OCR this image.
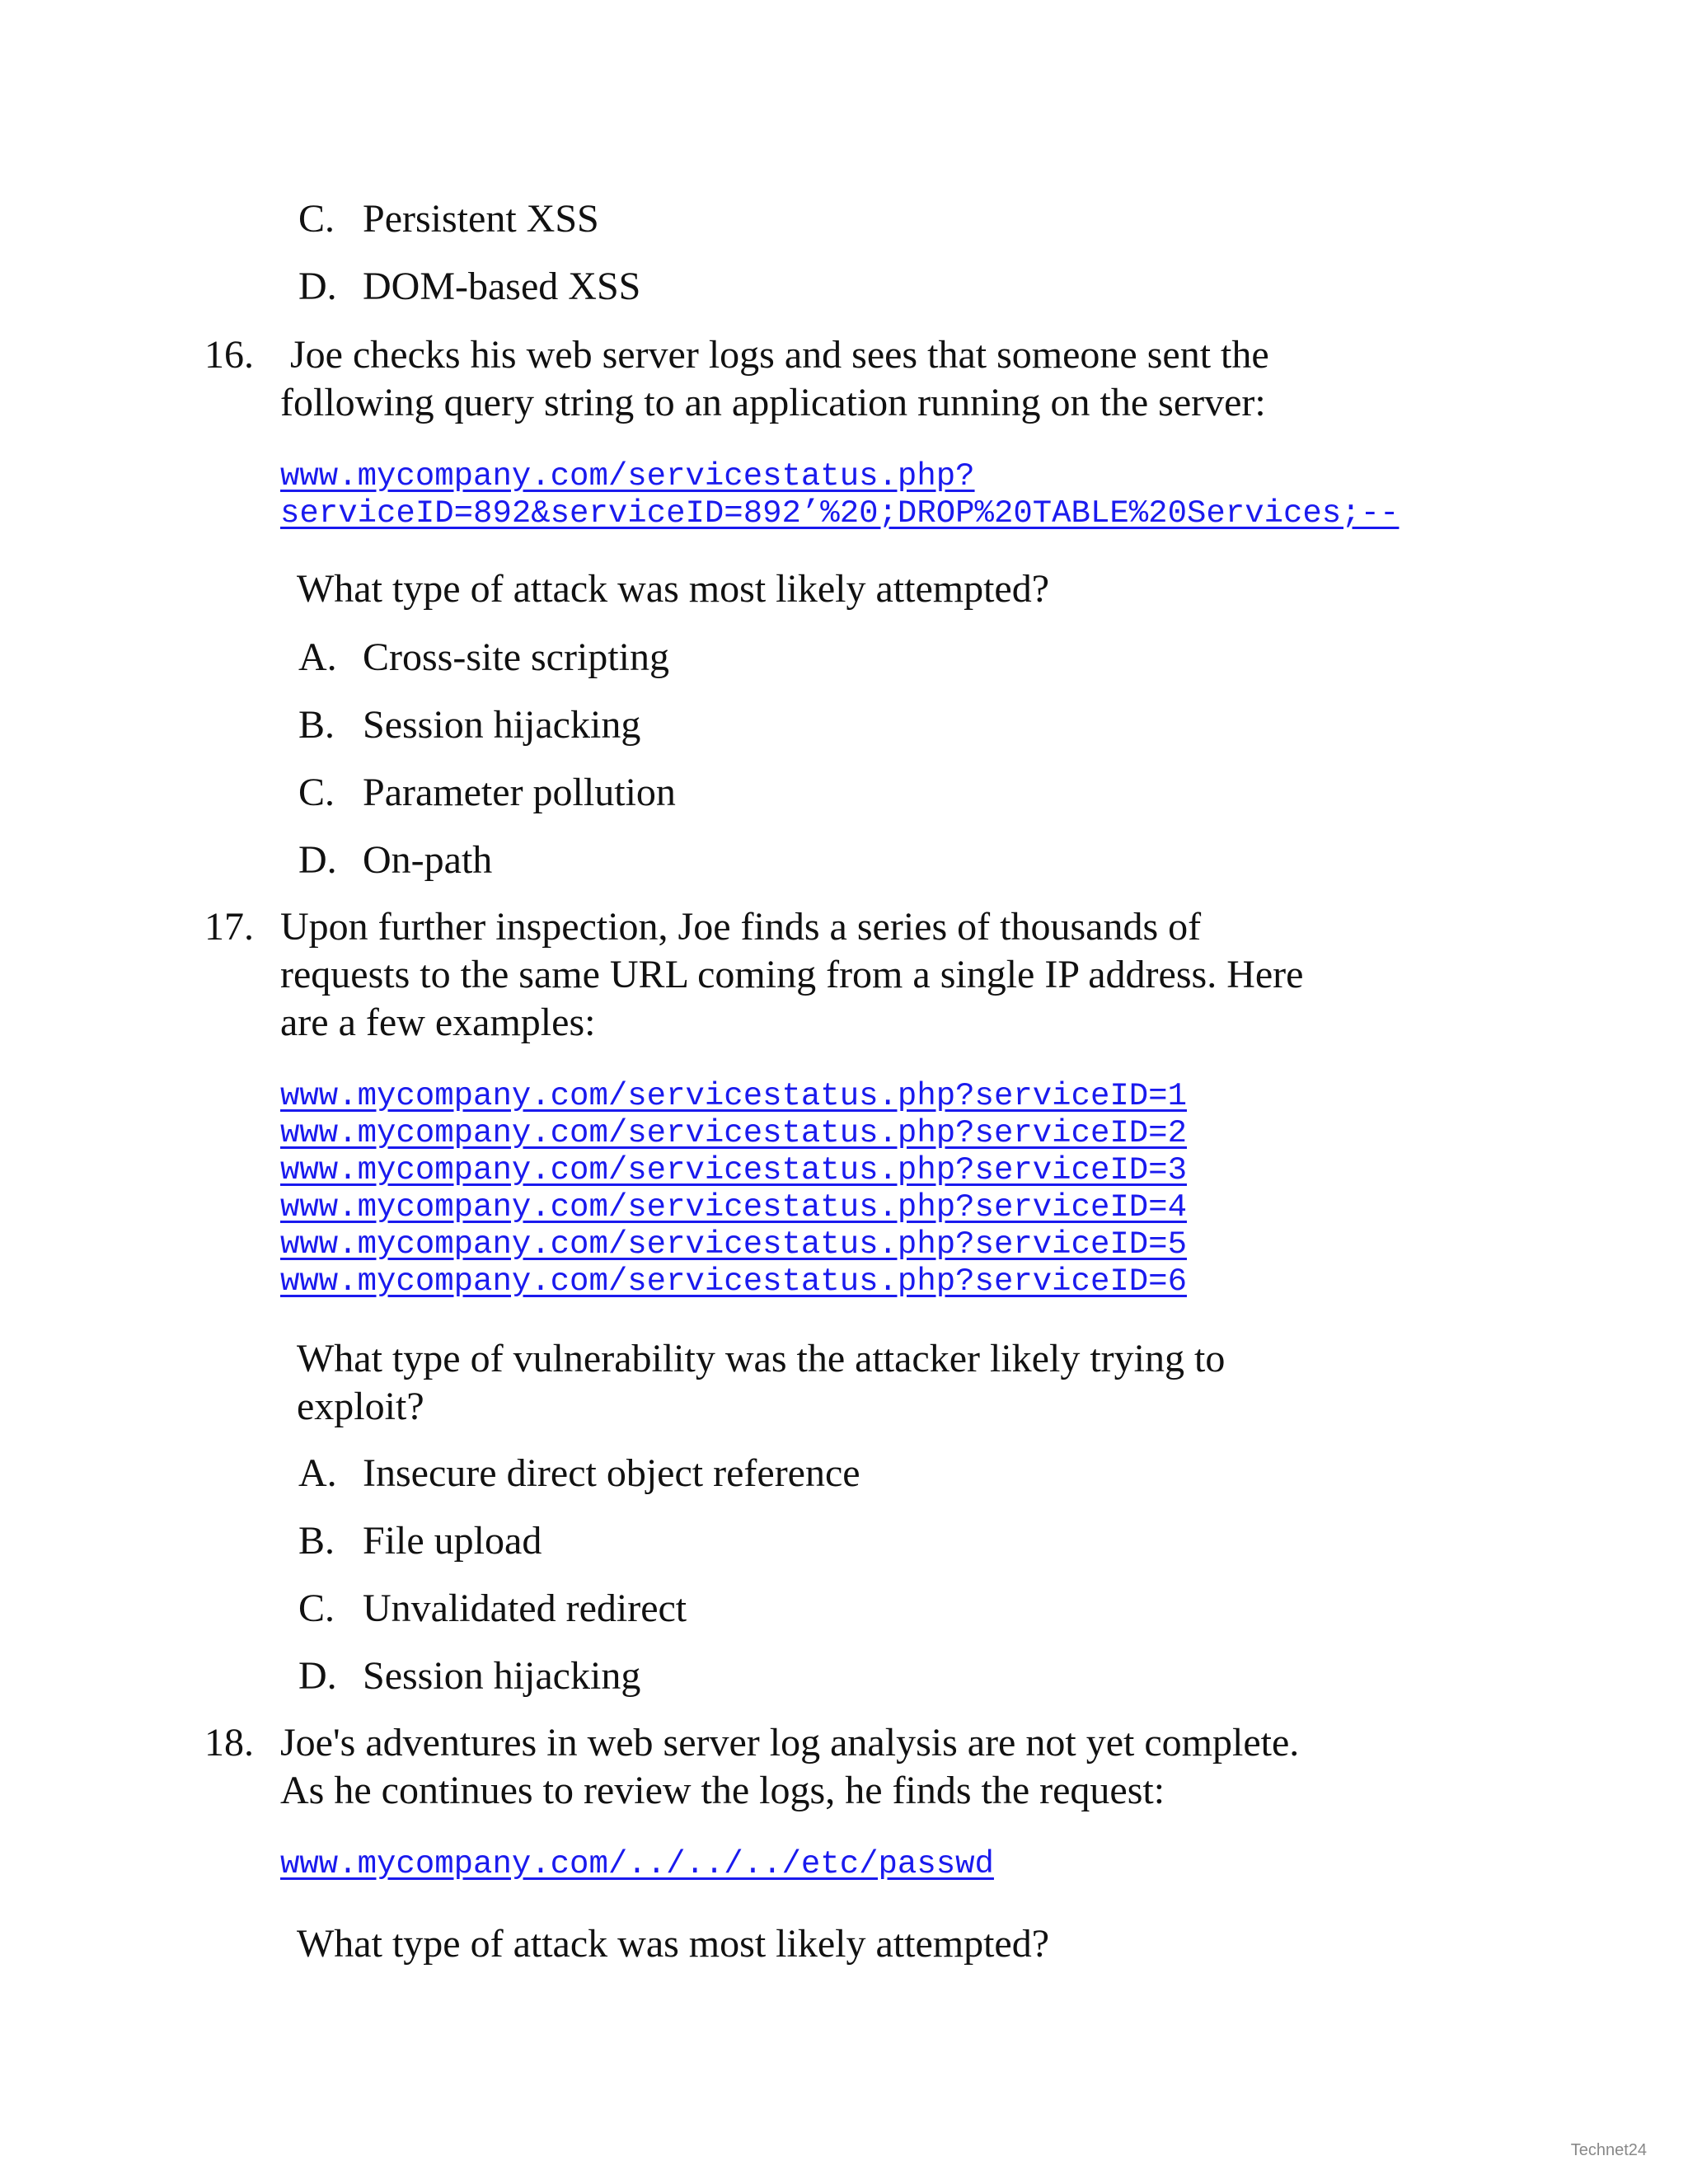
C. Persistent XSS
D. DOM-based XSS
16. Joe checks his web server logs and sees that someone sent the
following query string to an application running on the server:
www.mycompany.com/servicestatus.php?
serviceID=892&serviceID=892’%20;DROP%20TABLE%20Services;--
What type of attack was most likely attempted?
A. Cross-site scripting
B. Session hijacking
C. Parameter pollution
D. On-path
17. Upon further inspection, Joe finds a series of thousands of
requests to the same URL coming from a single IP address. Here
are a few examples:
www.mycompany.com/servicestatus.php?serviceID=1
www.mycompany.com/servicestatus.php?serviceID=2
www.mycompany.com/servicestatus.php?serviceID=3
www.mycompany.com/servicestatus.php?serviceID=4
www.mycompany.com/servicestatus.php?serviceID=5
www.mycompany.com/servicestatus.php?serviceID=6
What type of vulnerability was the attacker likely trying to
exploit?
A. Insecure direct object reference
B. File upload
C. Unvalidated redirect
D. Session hijacking
18. Joe's adventures in web server log analysis are not yet complete.
As he continues to review the logs, he finds the request:
www.mycompany.com/../../../etc/passwd
What type of attack was most likely attempted?
Technet24
